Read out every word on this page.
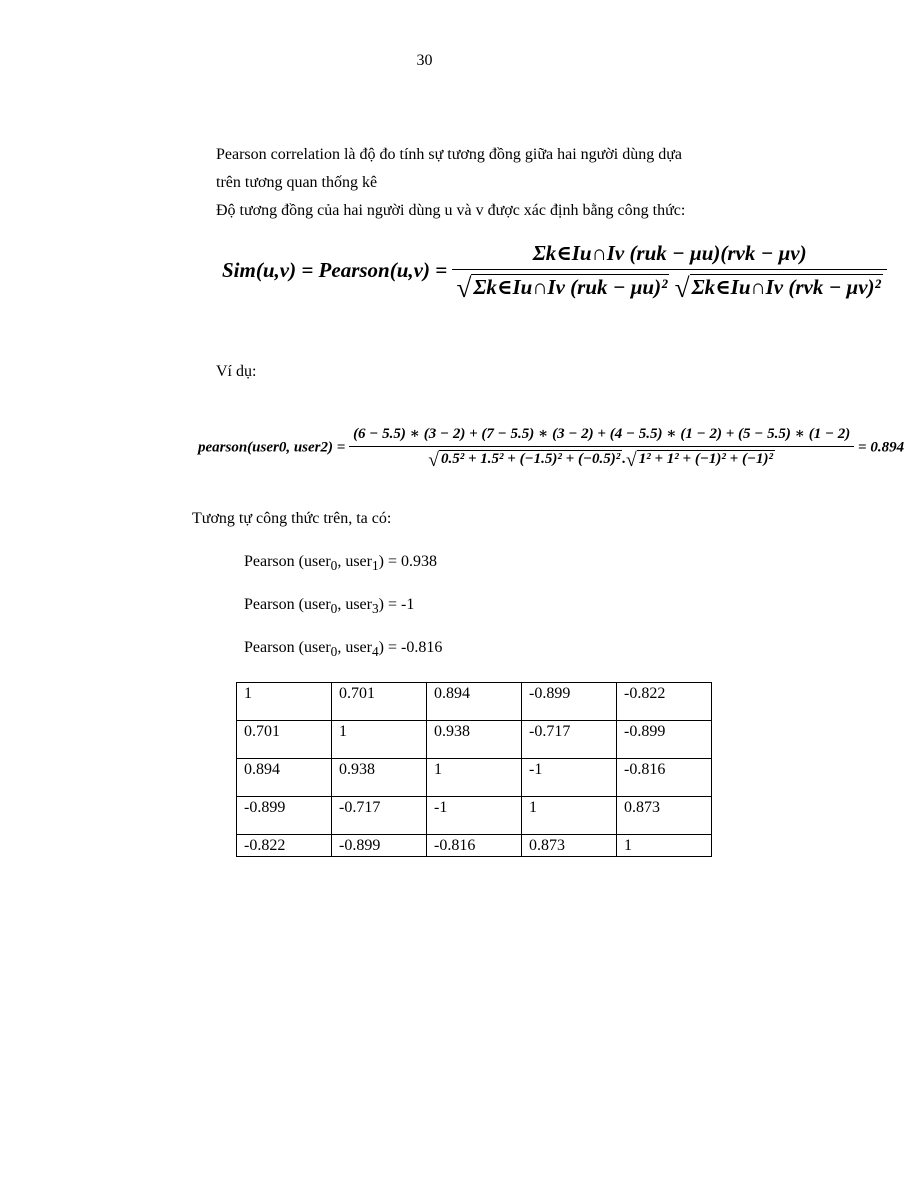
30
Pearson correlation là độ đo tính sự tương đồng giữa hai người dùng dựa
trên tương quan thống kê
Độ tương đồng của hai người dùng u và v được xác định bằng công thức:
Sim(u,v) = Pearson(u,v) = $\frac{\text{Σk∈Iu∩Iv (ruk − μu)(rvk − μv)}}{\text{√Σk∈Iu∩Iv (ruk − μu)² √Σk∈Iu∩Iv (rvk − μv)²}}$
Ví dụ:
pearson(user0, user2) =
(6 − 5.5) ∗ (3 − 2) + (7 − 5.5) ∗ (3 − 2) + (4 − 5.5) ∗ (1 − 2) + (5 − 5.5) ∗ (1 − 2)
√ 0.5² + 1.5² + (−1.5)² + (−0.5)² .√ 1² + 1² + (−1)² + (−1)²
= 0.894
Tương tự công thức trên, ta có:
Pearson (user$_0$, user$_1$) = 0.938
Pearson (user$_0$, user$_3$) = -1
Pearson (user$_0$, user$_4$) = -0.816
1	0.701	0.894	-0.899	-0.822
0.701	1	0.938	-0.717	-0.899
0.894	0.938	1	-1	-0.816
-0.899	-0.717	-1	1	0.873
-0.822	-0.899	-0.816	0.873	1
